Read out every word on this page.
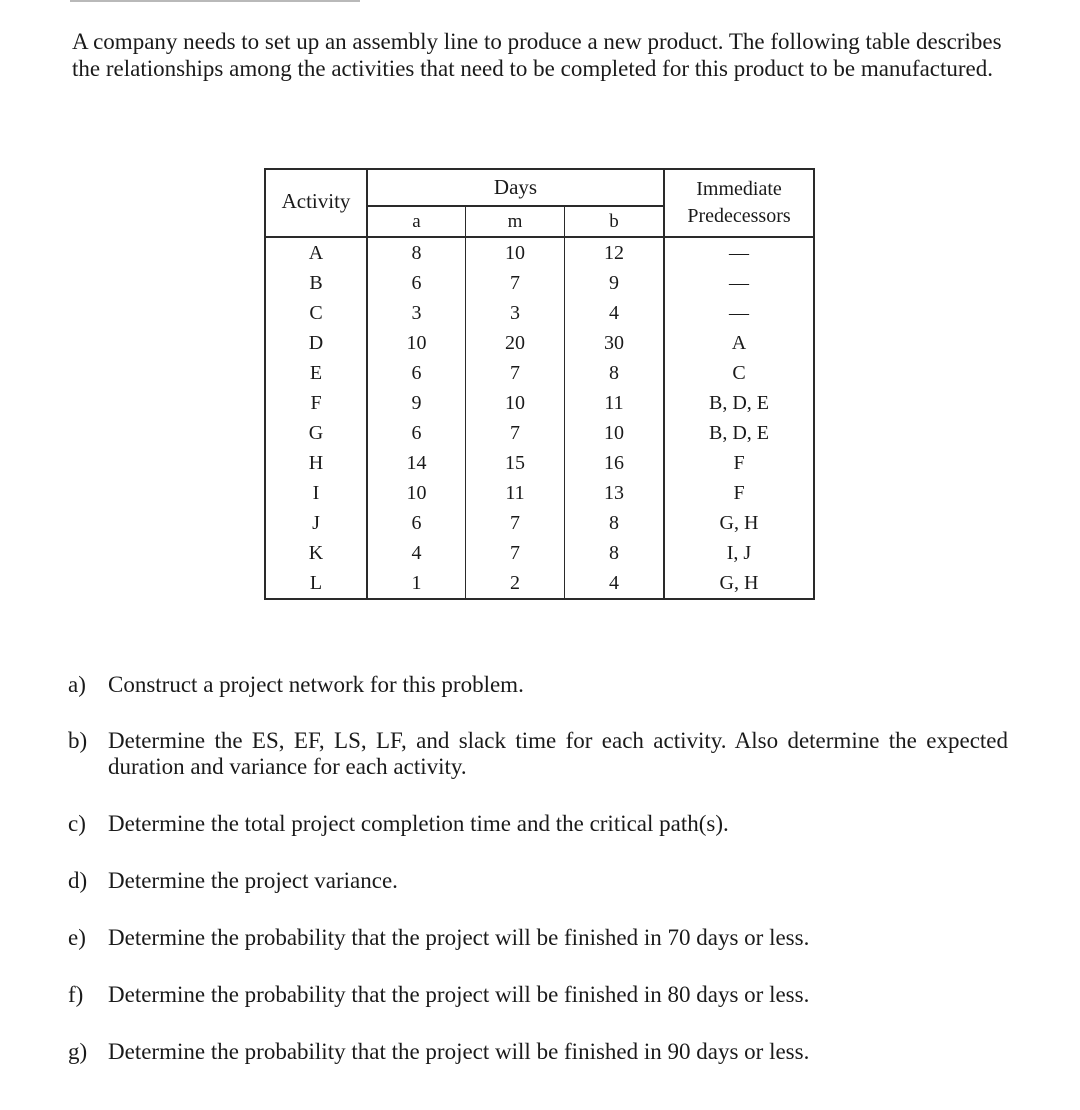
A company needs to set up an assembly line to produce a new product. The following table describes the relationships among the activities that need to be completed for this product to be manufactured.

Activity	Days			Immediate Predecessors
	a	m	b	
A	8	10	12	—
B	6	7	9	—
C	3	3	4	—
D	10	20	30	A
E	6	7	8	C
F	9	10	11	B, D, E
G	6	7	10	B, D, E
H	14	15	16	F
I	10	11	13	F
J	6	7	8	G, H
K	4	7	8	I, J
L	1	2	4	G, H
a) Construct a project network for this problem.
b) Determine the ES, EF, LS, LF, and slack time for each activity. Also determine the expected duration and variance for each activity.
c) Determine the total project completion time and the critical path(s).
d) Determine the project variance.
e) Determine the probability that the project will be finished in 70 days or less.
f)	Determine the probability that the project will be finished in 80 days or less.
g) Determine the probability that the project will be finished in 90 days or less.
